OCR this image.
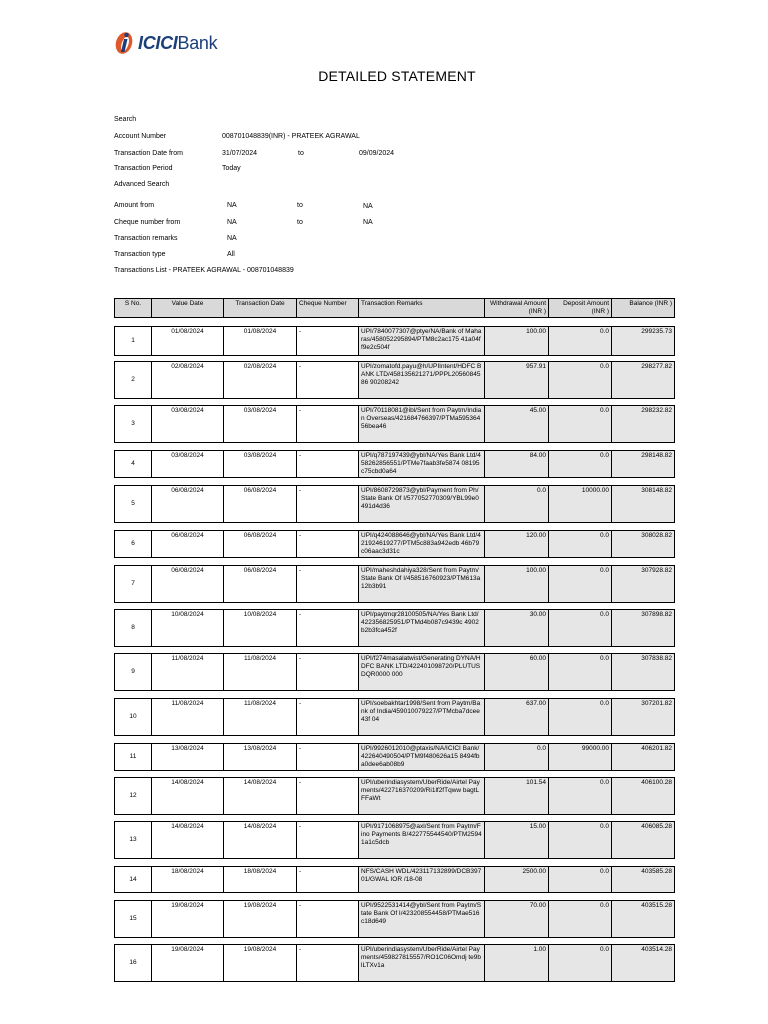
ICICIBank
DETAILED STATEMENT
Search
Account Number	008701048839(INR) - PRATEEK AGRAWAL
Transaction Date from	31/07/2024	to	09/09/2024
Transaction Period	Today
Advanced Search
Amount from	NA	to	NA
Cheque number from	NA	to	NA
Transaction remarks	NA
Transaction type	All
Transactions List - PRATEEK AGRAWAL - 008701048839
S No.	Value Date	Transaction Date	Cheque Number	Transaction Remarks	Withdrawal Amount (INR )	Deposit Amount (INR )	Balance (INR )
1	01/08/2024	01/08/2024	-	UPI/7840077307@ptye/NA/Bank of Maharas/458052295894/PTM8c2ac175 41a04ff9e2c504f	100.00	0.0	299235.73
2	02/08/2024	02/08/2024	-	UPI/zomatofd.payu@h/UPIIntent/HDFC BANK LTD/458135621271/PPPL2056084586 90208242	957.91	0.0	298277.82
3	03/08/2024	03/08/2024	-	UPI/70118081@ibl/Sent from Paytm/Indian Overseas/421684766397/PTMa595364 56bea46	45.00	0.0	298232.82
4	03/08/2024	03/08/2024	-	UPI/q787197439@ybl/NA/Yes Bank Ltd/458262856551/PTMe7faab3fe5874 08195c75cbd0a64	84.00	0.0	298148.82
5	06/08/2024	06/08/2024	-	UPI/8608729873@ybl/Payment from Ph/State Bank Of I/577052770309/YBL99e0491d4d36	0.0	10000.00	308148.82
6	06/08/2024	06/08/2024	-	UPI/q424088646@ybl/NA/Yes Bank Ltd/421924619277/PTM5c883a942edb 46b79c06aac3d31c	120.00	0.0	308028.82
7	06/08/2024	06/08/2024	-	UPI/maheshdahiya328/Sent from Paytm/State Bank Of I/458516760923/PTM613a12b3b91	100.00	0.0	307928.82
8	10/08/2024	10/08/2024	-	UPI/paytmqr28100505/NA/Yes Bank Ltd/422356825951/PTMd4b087c9439c 4902b2b3fca452f	30.00	0.0	307898.82
9	11/08/2024	11/08/2024	-	UPI/f274masalatwist/Generating DYNA/HDFC BANK LTD/422401098720/PLUTUSDQR0000 000	60.00	0.0	307838.82
10	11/08/2024	11/08/2024	-	UPI/soebakhtar1998/Sent from Paytm/Bank of India/459010079227/PTMcba7dcee43f 04	637.00	0.0	307201.82
11	13/08/2024	13/08/2024	-	UPI/9926012010@ptaxis/NA/ICICI Bank/422640490504/PTM9f480626a15 8494fba0dee6ab08b9	0.0	99000.00	406201.82
12	14/08/2024	14/08/2024	-	UPI/uberindiasystem/UberRide/Airtel Payments/422716370209/Ri1lf2fTqww bagtLFFaWt	101.54	0.0	406100.28
13	14/08/2024	14/08/2024	-	UPI/9171068975@axl/Sent from Paytm/Fino Payments B/422775544540/PTM25941a1c5dcb	15.00	0.0	406085.28
14	18/08/2024	18/08/2024	-	NFS/CASH WDL/423117132899/DCB39701/GWAL IOR /18-08	2500.00	0.0	403585.28
15	19/08/2024	19/08/2024	-	UPI/9522531414@ybl/Sent from Paytm/State Bank Of I/423208554458/PTMae516c18d649	70.00	0.0	403515.28
16	19/08/2024	19/08/2024	-	UPI/uberindiasystem/UberRide/Airtel Payments/459827815557/RO1C06Omdj te9blLTXv1a	1.00	0.0	403514.28
